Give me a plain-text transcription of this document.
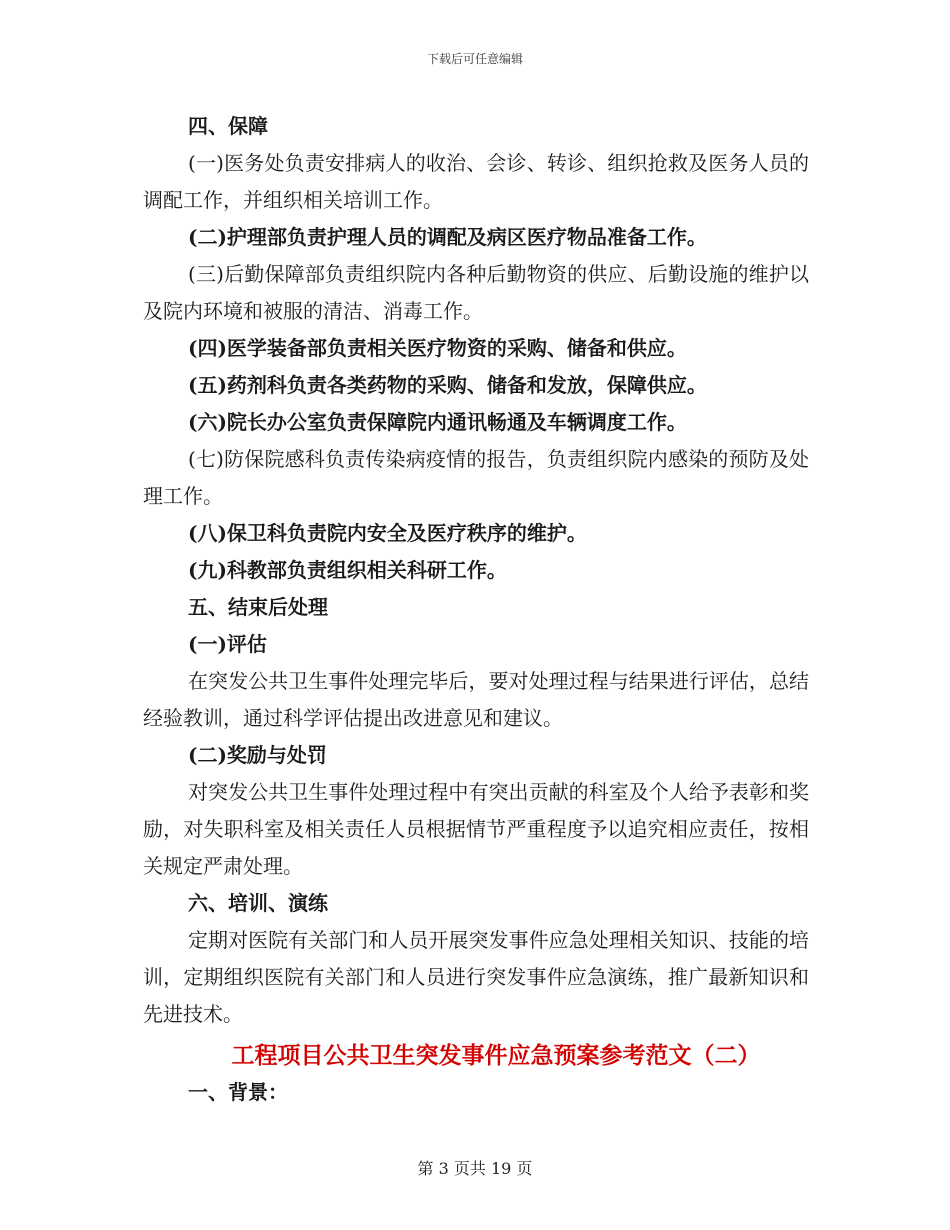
下载后可任意编辑
四、保障
(一)医务处负责安排病人的收治、会诊、转诊、组织抢救及医务人员的调配工作，并组织相关培训工作。
(二)护理部负责护理人员的调配及病区医疗物品准备工作。
(三)后勤保障部负责组织院内各种后勤物资的供应、后勤设施的维护以及院内环境和被服的清洁、消毒工作。
(四)医学装备部负责相关医疗物资的采购、储备和供应。
(五)药剂科负责各类药物的采购、储备和发放，保障供应。
(六)院长办公室负责保障院内通讯畅通及车辆调度工作。
(七)防保院感科负责传染病疫情的报告，负责组织院内感染的预防及处理工作。
(八)保卫科负责院内安全及医疗秩序的维护。
(九)科教部负责组织相关科研工作。
五、结束后处理
(一)评估
在突发公共卫生事件处理完毕后，要对处理过程与结果进行评估，总结经验教训，通过科学评估提出改进意见和建议。
(二)奖励与处罚
对突发公共卫生事件处理过程中有突出贡献的科室及个人给予表彰和奖励，对失职科室及相关责任人员根据情节严重程度予以追究相应责任，按相关规定严肃处理。
六、培训、演练
定期对医院有关部门和人员开展突发事件应急处理相关知识、技能的培训，定期组织医院有关部门和人员进行突发事件应急演练，推广最新知识和先进技术。
工程项目公共卫生突发事件应急预案参考范文（二）
一、背景：
第 3 页共 19 页
